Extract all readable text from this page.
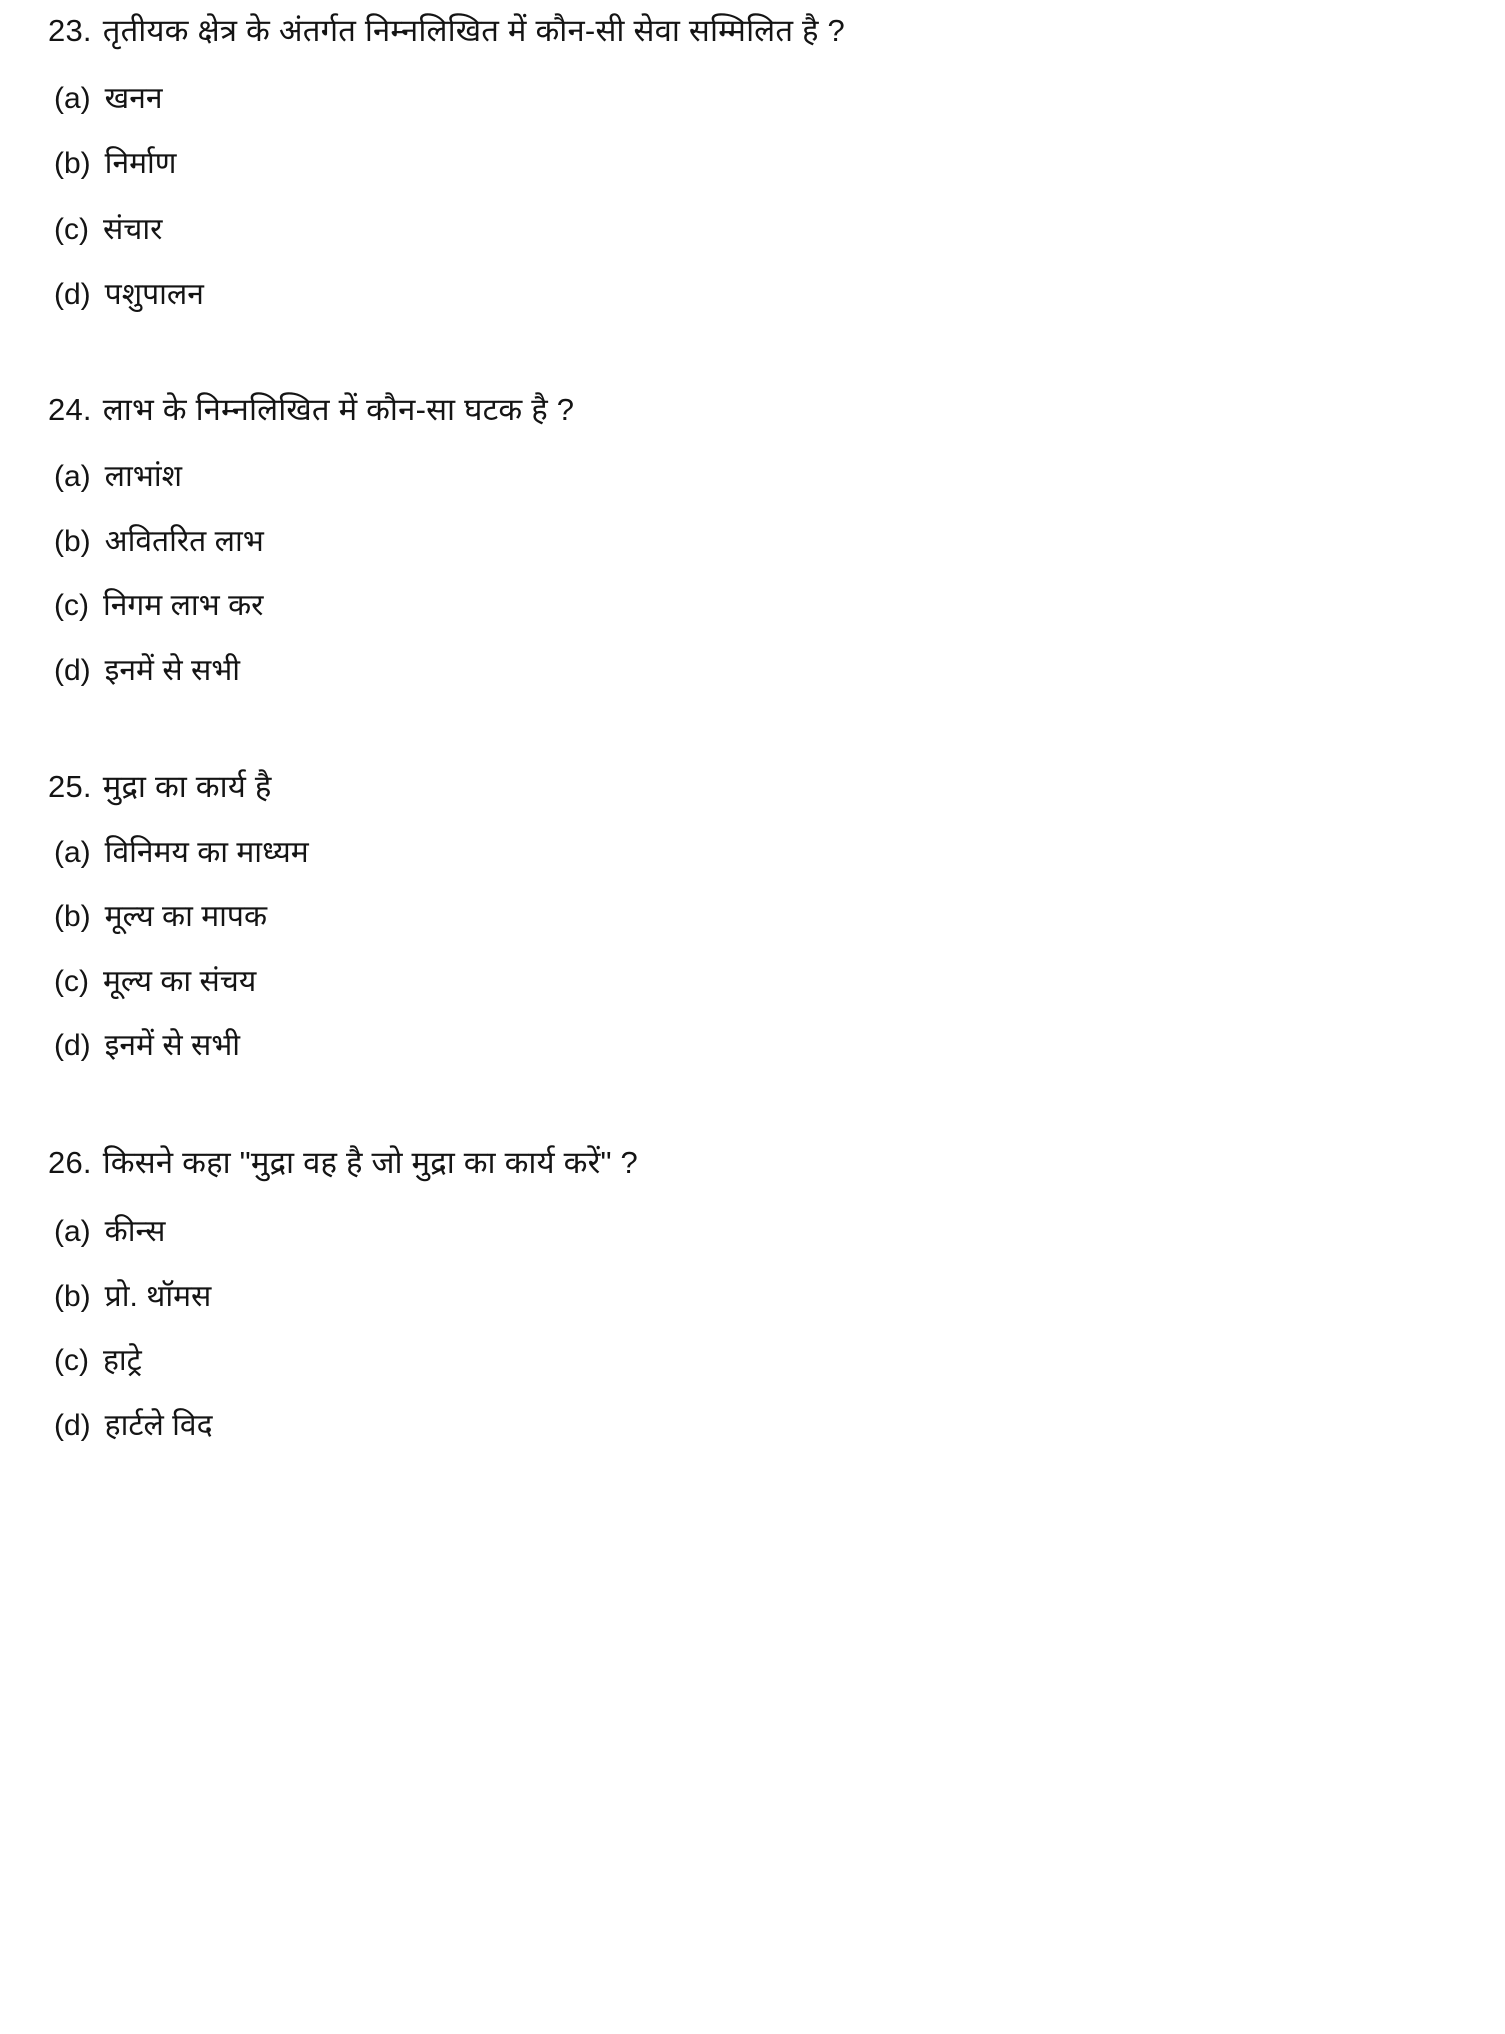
23. तृतीयक क्षेत्र के अंतर्गत निम्नलिखित में कौन-सी सेवा सम्मिलित है ?
(a) खनन
(b) निर्माण
(c) संचार
(d) पशुपालन
24. लाभ के निम्नलिखित में कौन-सा घटक है ?
(a) लाभांश
(b) अवितरित लाभ
(c) निगम लाभ कर
(d) इनमें से सभी
25. मुद्रा का कार्य है
(a) विनिमय का माध्यम
(b) मूल्य का मापक
(c) मूल्य का संचय
(d) इनमें से सभी
26. किसने कहा "मुद्रा वह है जो मुद्रा का कार्य करें" ?
(a) कीन्स
(b) प्रो. थॉमस
(c) हाट्रे
(d) हार्टले विद
